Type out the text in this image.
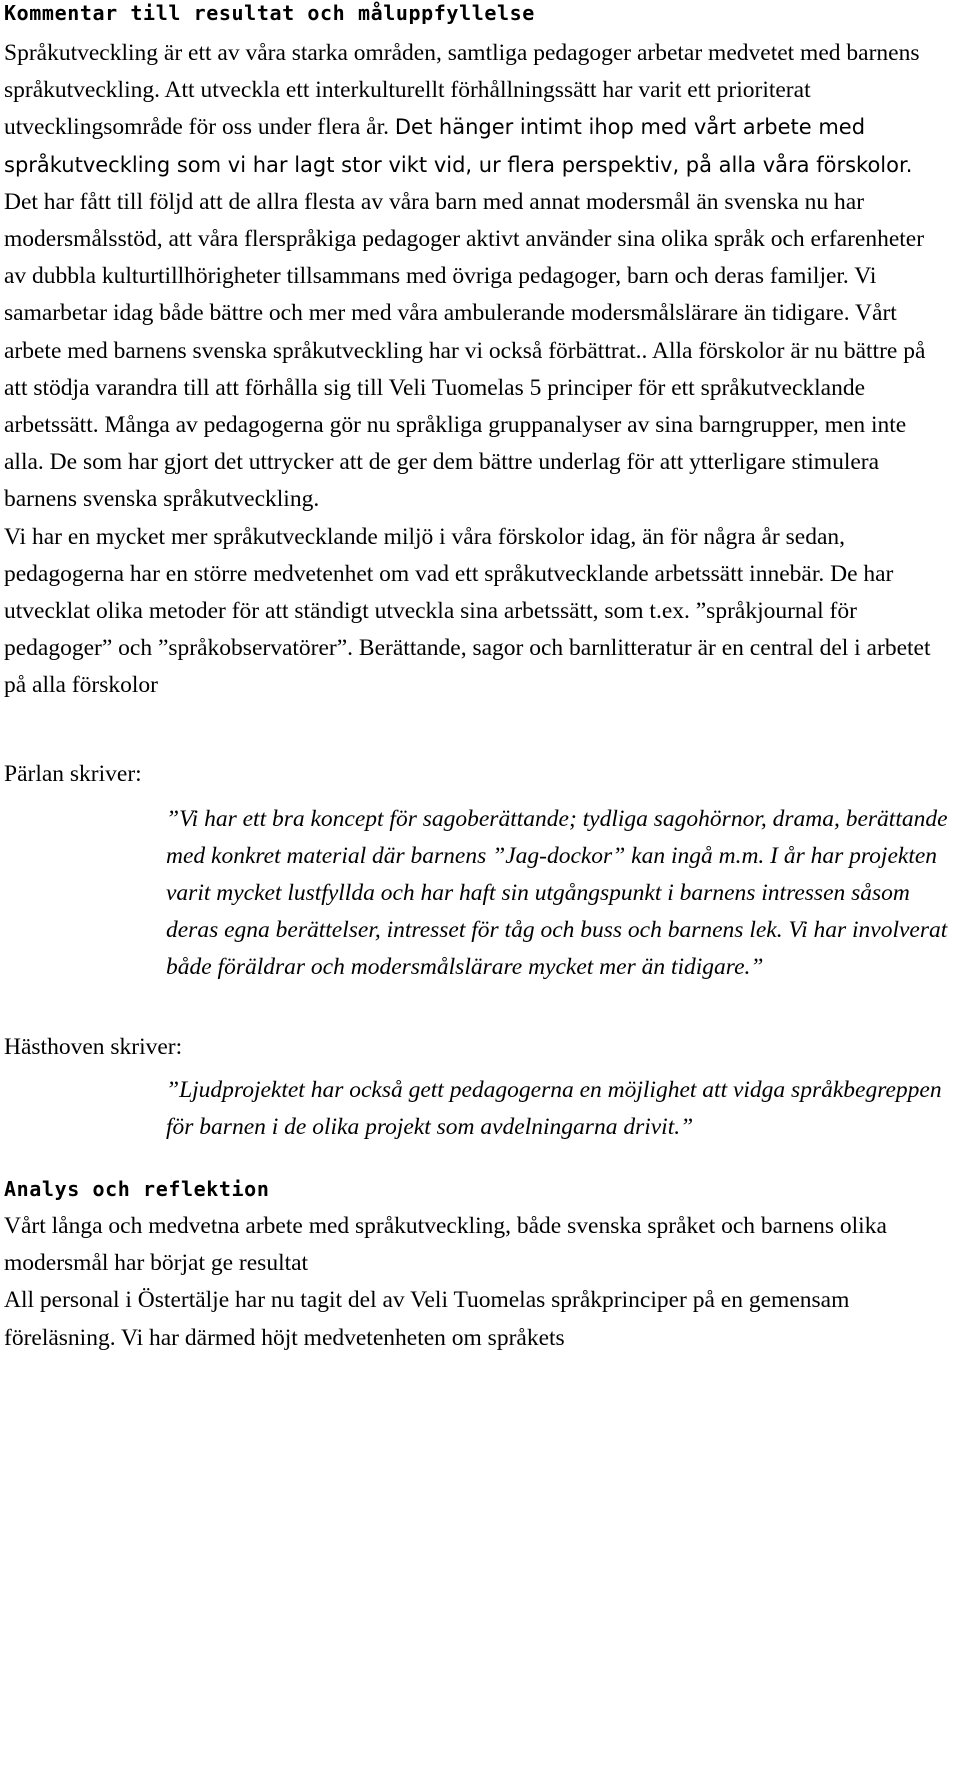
Kommentar till resultat och måluppfyllelse

Språkutveckling är ett av våra starka områden, samtliga pedagoger arbetar medvetet med barnens språkutveckling. Att utveckla ett interkulturellt förhållningssätt har varit ett prioriterat utvecklingsområde för oss under flera år. Det hänger intimt ihop med vårt arbete med språkutveckling som vi har lagt stor vikt vid, ur flera perspektiv, på alla våra förskolor. Det har fått till följd att de allra flesta av våra barn med annat modersmål än svenska nu har modersmålsstöd, att våra flerspråkiga pedagoger aktivt använder sina olika språk och erfarenheter av dubbla kulturtillhörigheter tillsammans med övriga pedagoger, barn och deras familjer. Vi samarbetar idag både bättre och mer med våra ambulerande modersmålslärare än tidigare. Vårt arbete med barnens svenska språkutveckling har vi också förbättrat.. Alla förskolor är nu bättre på att stödja varandra till att förhålla sig till Veli Tuomelas 5 principer för ett språkutvecklande arbetssätt. Många av pedagogerna gör nu språkliga gruppanalyser av sina barngrupper, men inte alla. De som har gjort det uttrycker att de ger dem bättre underlag för att ytterligare stimulera barnens svenska språkutveckling.

Vi har en mycket mer språkutvecklande miljö i våra förskolor idag, än för några år sedan, pedagogerna har en större medvetenhet om vad ett språkutvecklande arbetssätt innebär. De har utvecklat olika metoder för att ständigt utveckla sina arbetssätt, som t.ex. ”språkjournal för pedagoger” och ”språkobservatörer”. Berättande, sagor och barnlitteratur är en central del i arbetet på alla förskolor

Pärlan skriver:

”Vi har ett bra koncept för sagoberättande; tydliga sagohörnor, drama, berättande med konkret material där barnens ”Jag-dockor” kan ingå m.m. I år har projekten varit mycket lustfyllda och har haft sin utgångspunkt i barnens intressen såsom deras egna berättelser, intresset för tåg och buss och barnens lek. Vi har involverat både föräldrar och modersmålslärare mycket mer än tidigare.”

Hästhoven skriver:

”Ljudprojektet har också gett pedagogerna en möjlighet att vidga språkbegreppen för barnen i de olika projekt som avdelningarna drivit.”

Analys och reflektion

Vårt långa och medvetna arbete med språkutveckling, både svenska språket och barnens olika modersmål har börjat ge resultat

All personal i Östertälje har nu tagit del av Veli Tuomelas språkprinciper på en gemensam föreläsning. Vi har därmed höjt medvetenheten om språkets
